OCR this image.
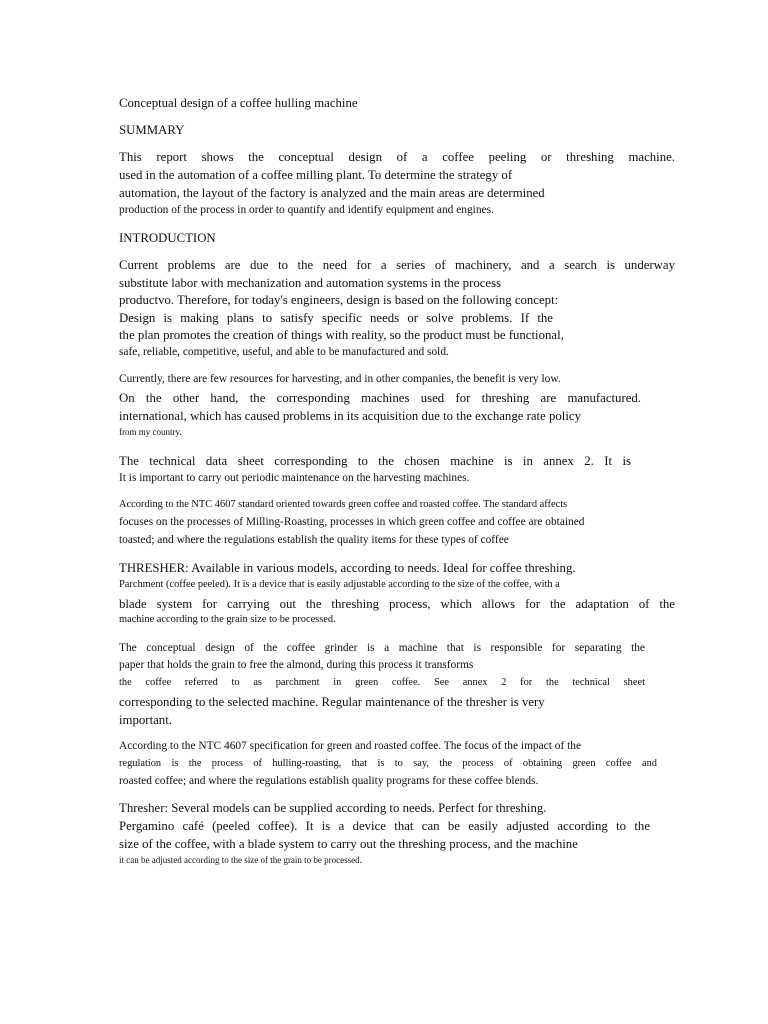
Conceptual design of a coffee hulling machine

SUMMARY

This report shows the conceptual design of a coffee peeling or threshing machine.

used in the automation of a coffee milling plant. To determine the strategy of

automation, the layout of the factory is analyzed and the main areas are determined

production of the process in order to quantify and identify equipment and engines.

INTRODUCTION

Current problems are due to the need for a series of machinery, and a search is underway

substitute labor with mechanization and automation systems in the process

productvo. Therefore, for today's engineers, design is based on the following concept:

Design is making plans to satisfy specific needs or solve problems. If the

the plan promotes the creation of things with reality, so the product must be functional,

safe, reliable, competitive, useful, and able to be manufactured and sold.

Currently, there are few resources for harvesting, and in other companies, the benefit is very low.

On the other hand, the corresponding machines used for threshing are manufactured.

international, which has caused problems in its acquisition due to the exchange rate policy

from my country.

The technical data sheet corresponding to the chosen machine is in annex 2. It is

It is important to carry out periodic maintenance on the harvesting machines.

According to the NTC 4607 standard oriented towards green coffee and roasted coffee. The standard affects

focuses on the processes of Milling-Roasting, processes in which green coffee and coffee are obtained

toasted; and where the regulations establish the quality items for these types of coffee

THRESHER: Available in various models, according to needs. Ideal for coffee threshing.

Parchment (coffee peeled). It is a device that is easily adjustable according to the size of the coffee, with a

blade system for carrying out the threshing process, which allows for the adaptation of the

machine according to the grain size to be processed.

The conceptual design of the coffee grinder is a machine that is responsible for separating the

paper that holds the grain to free the almond, during this process it transforms

the coffee referred to as parchment in green coffee. See annex 2 for the technical sheet

corresponding to the selected machine. Regular maintenance of the thresher is very

important.

According to the NTC 4607 specification for green and roasted coffee. The focus of the impact of the

regulation is the process of hulling-roasting, that is to say, the process of obtaining green coffee and

roasted coffee; and where the regulations establish quality programs for these coffee blends.

Thresher: Several models can be supplied according to needs. Perfect for threshing.

Pergamino café (peeled coffee). It is a device that can be easily adjusted according to the

size of the coffee, with a blade system to carry out the threshing process, and the machine

it can be adjusted according to the size of the grain to be processed.
